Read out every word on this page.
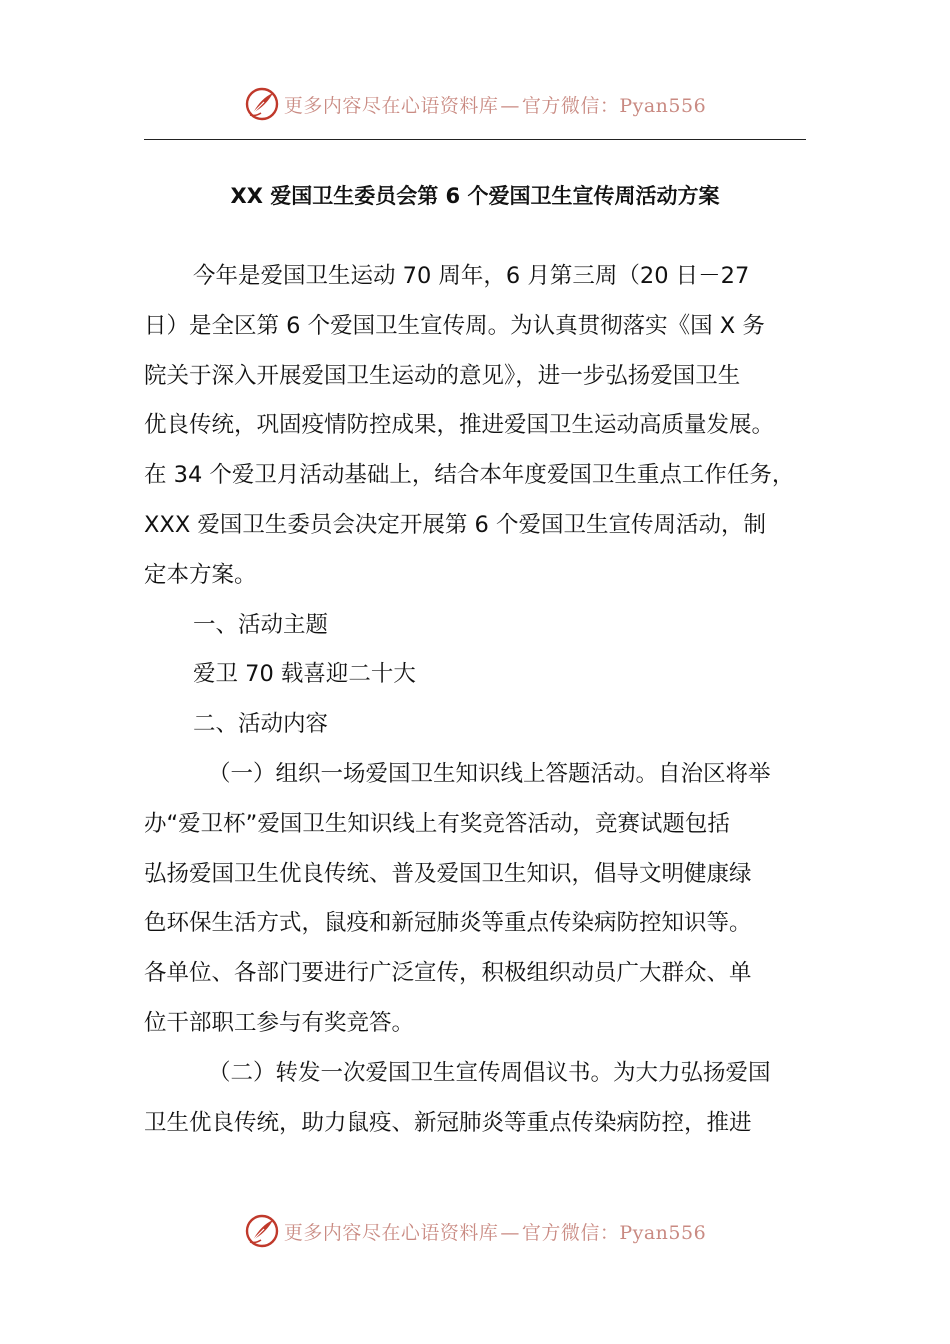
更多内容尽在心语资料库 — 官方微信：Pyan556
XX 爱国卫生委员会第 6 个爱国卫生宣传周活动方案
今年是爱国卫生运动 70 周年，6 月第三周（20 日－27
日）是全区第 6 个爱国卫生宣传周。为认真贯彻落实《国 X 务
院关于深入开展爱国卫生运动的意见》，进一步弘扬爱国卫生
优良传统，巩固疫情防控成果，推进爱国卫生运动高质量发展。
在 34 个爱卫月活动基础上，结合本年度爱国卫生重点工作任务，
XXX 爱国卫生委员会决定开展第 6 个爱国卫生宣传周活动，制
定本方案。
一、活动主题
爱卫 70 载喜迎二十大
二、活动内容
（一）组织一场爱国卫生知识线上答题活动。自治区将举
办“爱卫杯”爱国卫生知识线上有奖竞答活动，竞赛试题包括
弘扬爱国卫生优良传统、普及爱国卫生知识，倡导文明健康绿
色环保生活方式，鼠疫和新冠肺炎等重点传染病防控知识等。
各单位、各部门要进行广泛宣传，积极组织动员广大群众、单
位干部职工参与有奖竞答。
（二）转发一次爱国卫生宣传周倡议书。为大力弘扬爱国
卫生优良传统，助力鼠疫、新冠肺炎等重点传染病防控，推进
更多内容尽在心语资料库 — 官方微信：Pyan556
